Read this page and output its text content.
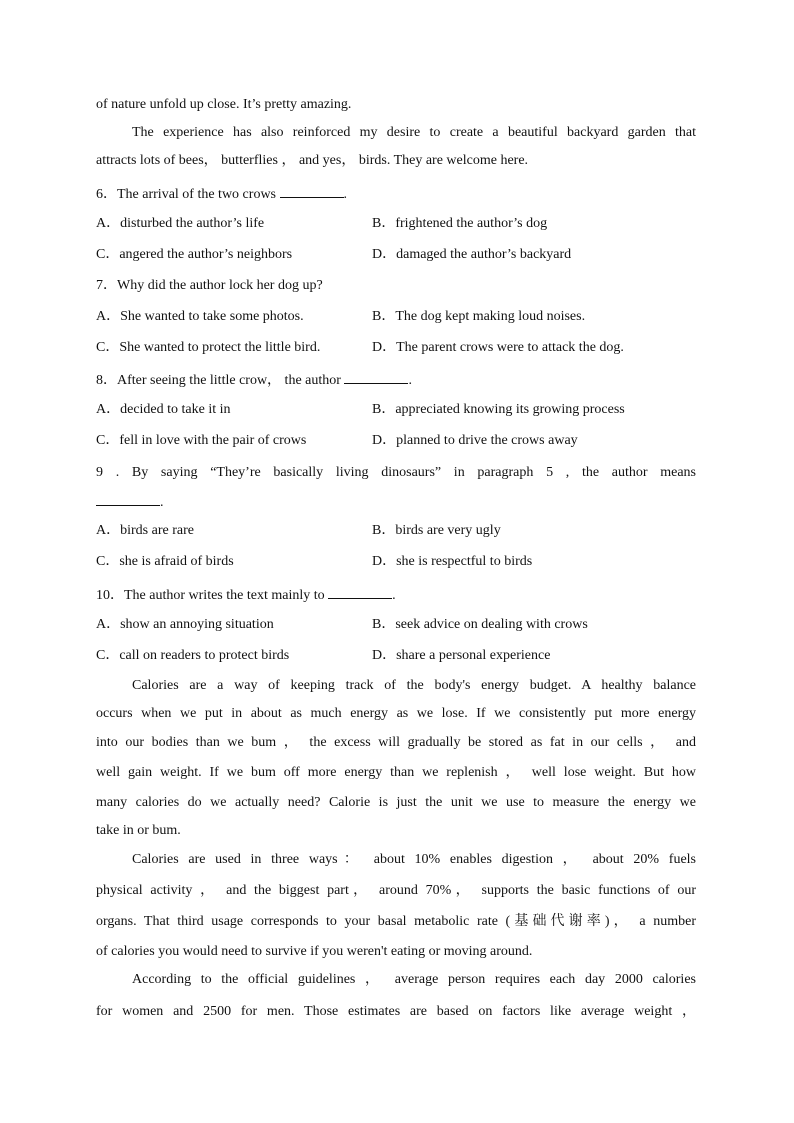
of nature unfold up close. It’s pretty amazing.
The experience has also reinforced my desire to create a beautiful backyard garden that
attracts lots of bees， butterflies ， and yes， birds. They are welcome here.
6．The arrival of the two crows	.
A．disturbed the author’s life	B．frightened the author’s dog
C．angered the author’s neighbors	D．damaged the author’s backyard
7．Why did the author lock her dog up?
A．She wanted to take some photos.	B．The dog kept making loud noises.
C．She wanted to protect the little bird.	D．The parent crows were to attack the dog.
8．After seeing the little crow， the author	.
A．decided to take it in	B．appreciated knowing its growing process
C．fell in love with the pair of crows	D．planned to drive the crows away
9 . By saying “They’re basically living dinosaurs” in paragraph 5 , the author means
.
A．birds are rare	B．birds are very ugly
C．she is afraid of birds	D．she is respectful to birds
10．The author writes the text mainly to	.
A．show an annoying situation	B．seek advice on dealing with crows
C．call on readers to protect birds	D．share a personal experience
Calories are a way of keeping track of the body's energy budget. A healthy balance
occurs when we put in about as much energy as we lose. If we consistently put more energy
into our bodies than we bum ， the excess will gradually be stored as fat in our cells ， and
well gain weight. If we bum off more energy than we replenish ， well lose weight. But how
many calories do we actually need? Calorie is just the unit we use to measure the energy we
take in or bum.
Calories are used in three ways： about 10% enables digestion ， about 20% fuels
physical activity ， and the biggest part， around 70%， supports the basic functions of our
organs. That third usage corresponds to your basal metabolic rate (基础代谢率)， a number
of calories you would need to survive if you weren't eating or moving around.
According to the official guidelines ， average person requires each day 2000 calories
for women and 2500 for men. Those estimates are based on factors like average weight ，
